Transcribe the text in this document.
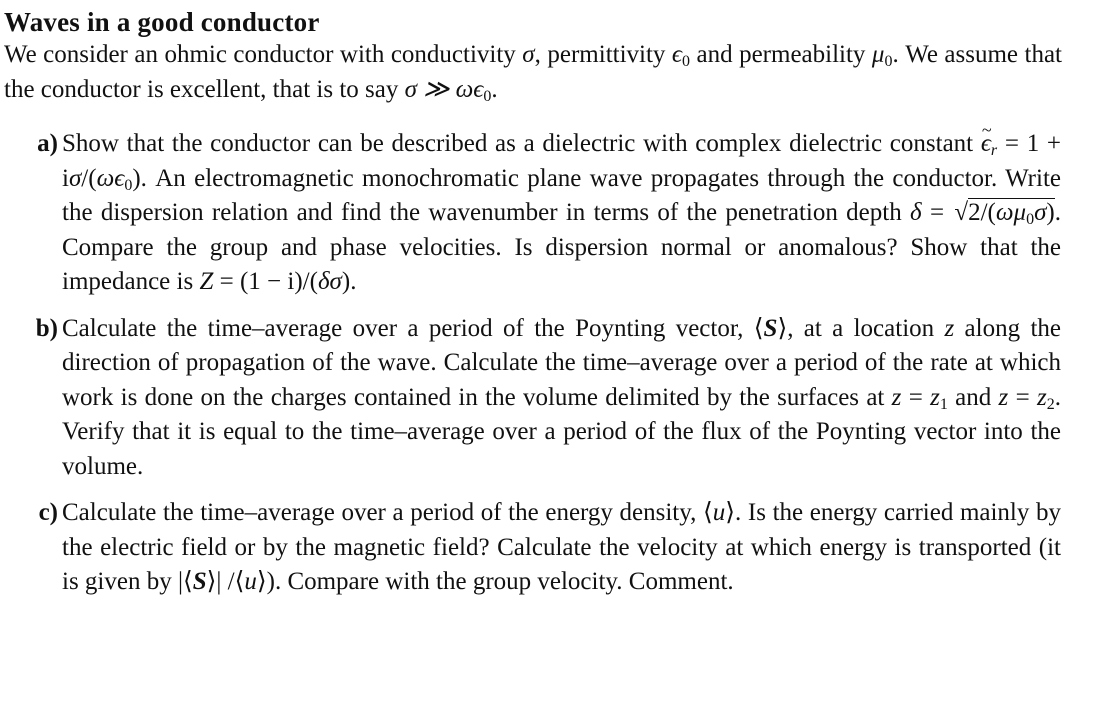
Waves in a good conductor

We consider an ohmic conductor with conductivity σ, permittivity $\epsilon_0$ and permeability $\mu_0$. We assume that the conductor is excellent, that is to say σ ≫ $\omega\epsilon_0$.

a) Show that the conductor can be described as a dielectric with complex dielectric constant ~ $\epsilon_r = 1 + i\sigma/(\omega\epsilon_0)$. An electromagnetic monochromatic plane wave propagates through the conductor. Write the dispersion relation and find the wavenumber in terms of the penetration depth $\delta = √2/(\omega\mu_0\sigma)$. Compare the group and phase velocities. Is dispersion normal or anomalous? Show that the impedance is Z = (1 − i)/(δσ).
b) Calculate the time–average over a period of the Poynting vector, ⟨S⟩, at a location z along the direction of propagation of the wave. Calculate the time–average over a period of the rate at which work is done on the charges contained in the volume delimited by the surfaces at $z = z_1$ and $z = z_2$. Verify that it is equal to the time–average over a period of the flux of the Poynting vector into the volume.
c) Calculate the time–average over a period of the energy density, ⟨u⟩. Is the energy carried mainly by the electric field or by the magnetic field? Calculate the velocity at which energy is transported (it is given by |⟨S⟩| /⟨u⟩). Compare with the group velocity. Comment.
